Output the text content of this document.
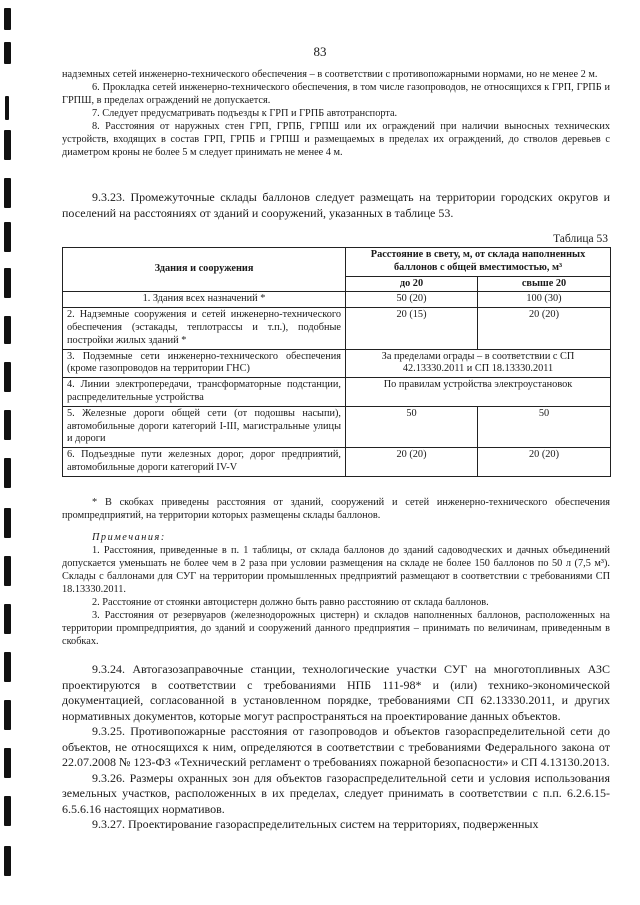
83

надземных сетей инженерно-технического обеспечения – в соответствии с противопожарными нормами, но не менее 2 м.

6. Прокладка сетей инженерно-технического обеспечения, в том числе газопроводов, не относящихся к ГРП, ГРПБ и ГРПШ, в пределах ограждений не допускается.

7. Следует предусматривать подъезды к ГРП и ГРПБ автотранспорта.

8. Расстояния от наружных стен ГРП, ГРПБ, ГРПШ или их ограждений при наличии выносных технических устройств, входящих в состав ГРП, ГРПБ и ГРПШ и размещаемых в пределах их ограждений, до стволов деревьев с диаметром кроны не более 5 м следует принимать не менее 4 м.

9.3.23. Промежуточные склады баллонов следует размещать на территории городских округов и поселений на расстояниях от зданий и сооружений, указанных в таблице 53.
Таблица 53
Здания и сооружения	Расстояние в свету, м, от склада наполненных баллонов с общей вместимостью, м³	
	до 20	свыше 20
1. Здания всех назначений *	50 (20)	100 (30)
2. Надземные сооружения и сетей инженерно-технического обеспечения (эстакады, теплотрассы и т.п.), подобные постройки жилых зданий *	20 (15)	20 (20)
3. Подземные сети инженерно-технического обеспечения (кроме газопроводов на территории ГНС)	За пределами ограды – в соответствии с СП 42.13330.2011 и СП 18.13330.2011	
4. Линии электропередачи, трансформаторные подстанции, распределительные устройства	По правилам устройства электроустановок	
5. Железные дороги общей сети (от подошвы насыпи), автомобильные дороги категорий I-III, магистральные улицы и дороги	50	50
6. Подъездные пути железных дорог, дорог предприятий, автомобильные дороги категорий IV-V	20 (20)	20 (20)
* В скобках приведены расстояния от зданий, сооружений и сетей инженерно-технического обеспечения промпредприятий, на территории которых размещены склады баллонов.

Примечания:

1. Расстояния, приведенные в п. 1 таблицы, от склада баллонов до зданий садоводческих и дачных объединений допускается уменьшать не более чем в 2 раза при условии размещения на складе не более 150 баллонов по 50 л (7,5 м³). Склады с баллонами для СУГ на территории промышленных предприятий размещают в соответствии с требованиями СП 18.13330.2011.

2. Расстояние от стоянки автоцистерн должно быть равно расстоянию от склада баллонов.

3. Расстояния от резервуаров (железнодорожных цистерн) и складов наполненных баллонов, расположенных на территории промпредприятия, до зданий и сооружений данного предприятия – принимать по величинам, приведенным в скобках.

9.3.24. Автогазозаправочные станции, технологические участки СУГ на многотопливных АЗС проектируются в соответствии с требованиями НПБ 111-98* и (или) технико-экономической документацией, согласованной в установленном порядке, требованиями СП 62.13330.2011, и других нормативных документов, которые могут распространяться на проектирование данных объектов.

9.3.25. Противопожарные расстояния от газопроводов и объектов газораспределительной сети до объектов, не относящихся к ним, определяются в соответствии с требованиями Федерального закона от 22.07.2008 № 123-ФЗ «Технический регламент о требованиях пожарной безопасности» и СП 4.13130.2013.

9.3.26. Размеры охранных зон для объектов газораспределительной сети и условия использования земельных участков, расположенных в их пределах, следует принимать в соответствии с п.п. 6.2.6.15-6.5.6.16 настоящих нормативов.

9.3.27. Проектирование газораспределительных систем на территориях, подверженных
